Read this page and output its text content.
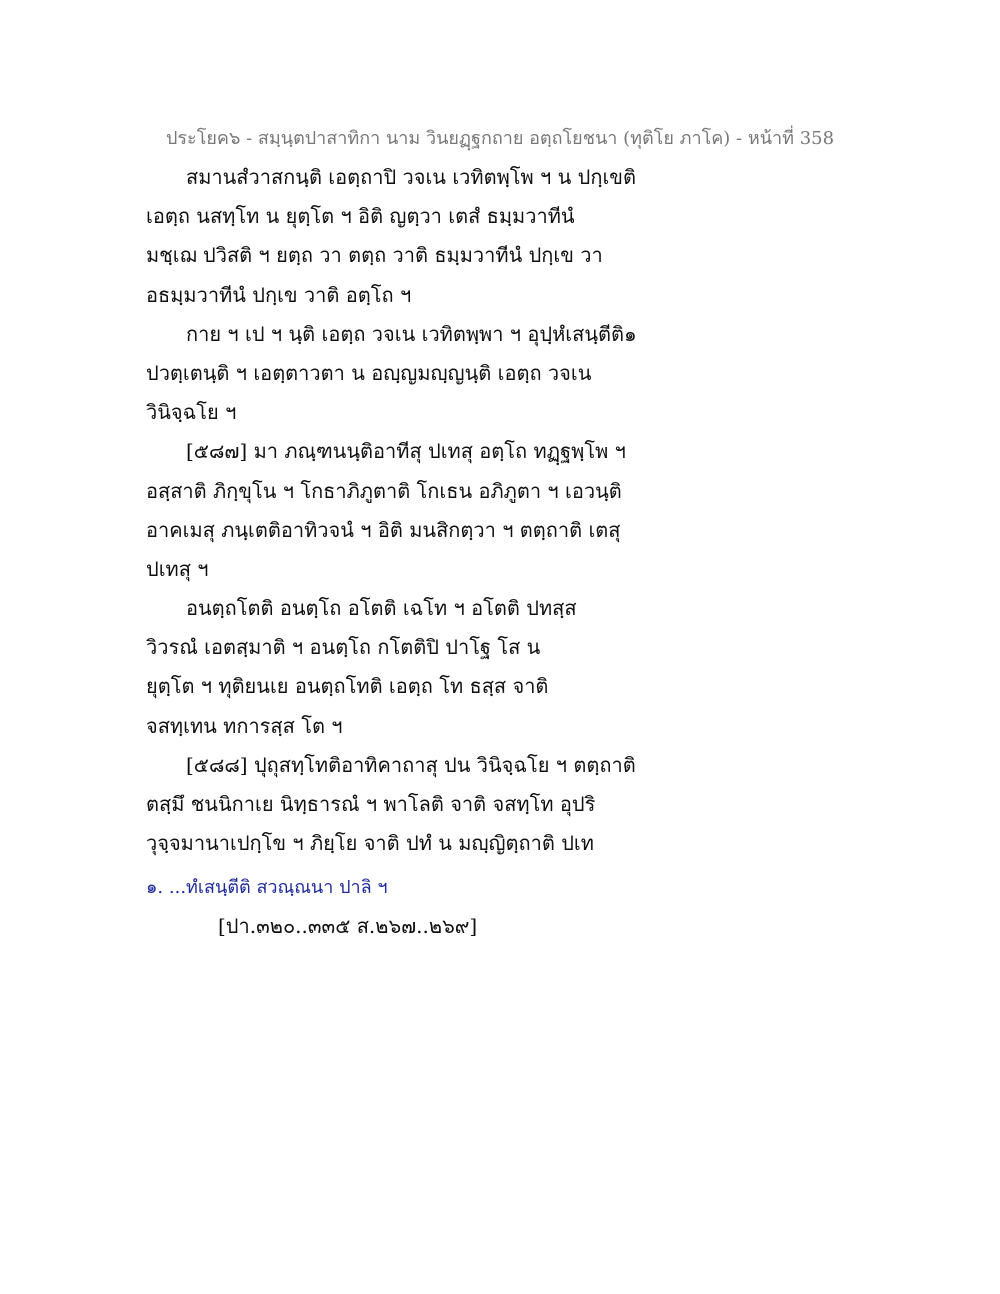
ประโยค๖ - สมฺนฺตปาสาทิกา นาม วินยฏฺฐกถาย อตฺถโยชนา (ทุติโย ภาโค) - หน้าที่ 358
สมานสํวาสกนฺติ เอตฺถาปิ วจเน เวทิตพฺโพ ฯ น ปกฺเขติ
เอตฺถ นสทฺโท น ยุตฺโต ฯ อิติ ญตฺวา เตสํ ธมฺมวาทีนํ
มชฺเฌ ปวิสติ ฯ ยตฺถ วา ตตฺถ วาติ ธมฺมวาทีนํ ปกฺเข วา
อธมฺมวาทีนํ ปกฺเข วาติ อตฺโถ ฯ
กาย ฯ เป ฯ นฺติ เอตฺถ วจเน เวทิตพฺพา ฯ อุปฺหํเสนฺตีติ๑
ปวตฺเตนฺติ ฯ เอตฺตาวตา น อญฺญมญฺญนฺติ เอตฺถ วจเน
วินิจฺฉโย ฯ
[๕๘๗] มา ภณฺฑนนฺติอาทีสุ ปเทสุ อตฺโถ ทฏฺฐพฺโพ ฯ
อสฺสาติ ภิกฺขุโน ฯ โกธาภิภูตาติ โกเธน อภิภูตา ฯ เอวนฺติ
อาคเมสุ ภนฺเตติอาทิวจนํ ฯ อิติ มนสิกตฺวา ฯ ตตฺถาติ เตสุ
ปเทสุ ฯ
อนตฺถโตติ อนตฺโถ อโตติ เฉโท ฯ อโตติ ปทสฺส
วิวรณํ เอตสฺมาติ ฯ อนตฺโถ กโตติปิ ปาโฐ โส น
ยุตฺโต ฯ ทุติยนเย อนตฺถโทติ เอตฺถ โท ธสฺส จาติ
จสทฺเทน ทการสฺส โต ฯ
[๕๘๘] ปุถุสทฺโทติอาทิคาถาสุ ปน วินิจฺฉโย ฯ ตตฺถาติ
ตสฺมึ ชนนิกาเย นิทฺธารณํ ฯ พาโลติ จาติ จสทฺโท อุปริ
วุจฺจมานาเปกฺโข ฯ ภิยฺโย จาติ ปทํ น มญฺญิตฺถาติ ปเท
๑. ...ทํเสนฺตีติ สวณฺณนา ปาลิ ฯ
[ปา.๓๒๐..๓๓๕ ส.๒๖๗..๒๖๙]
